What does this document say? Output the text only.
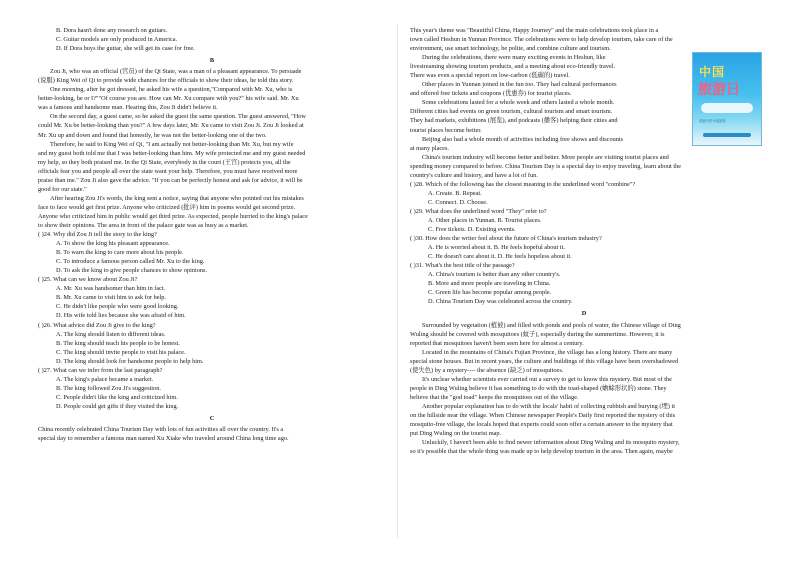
B. Dora hasn't done any research on guitars.
C. Guitar models are only produced in America.
D. If Dora buys the guitar, she will get its case for free.
B
Zou Ji, who was an official (官员) of the Qi State, was a man of a pleasant appearance. To persuade
(说服) King Wei of Qi to provide wide chances for the officials to show their ideas, he told this story.
One morning, after he got dressed, he asked his wife a question,"Compared with Mr. Xu, who is
better-looking, he or I?""Of course you are. How can Mr. Xu compare with you?" his wife said. Mr. Xu
was a famous and handsome man. Hearing this, Zou Ji didn't believe it.
On the second day, a guest came, so he asked the guest the same question. The guest answered, "How
could Mr. Xu be better-looking than you?" A few days later, Mr. Xu came to visit Zou Ji. Zou Ji looked at
Mr. Xu up and down and found that honestly, he was not the better-looking one of the two.
Therefore, he said to King Wei of Qi, "I am actually not better-looking than Mr. Xu, but my wife
and my guest both told me that I was better-looking than him. My wife protected me and my guest needed
my help, so they both praised me. In the Qi State, everybody in the court (王宫) protects you, all the
officials fear you and people all over the state want your help. Therefore, you must have received more
praise than me." Zou Ji also gave the advice. "If you can be perfectly honest and ask for advice, it will be
good for our state."
After hearing Zou Ji's words, the king sent a notice, saying that anyone who pointed out his mistakes
face to face would get first prize. Anyone who criticized (批评) him in poems would get second prize.
Anyone who criticized him in public would get third prize. As expected, people hurried to the king's palace
to show their opinions. The area in front of the palace gate was as busy as a market.
( )24. Why did Zou Ji tell the story to the king?
A. To show the king his pleasant appearance.
B. To warn the king to care more about his people.
C. To introduce a famous person called Mr. Xu to the king.
D. To ask the king to give people chances to show opinions.
( )25. What can we know about Zou Ji?
A. Mr. Xu was handsomer than him in fact.
B. Mr. Xu came to visit him to ask for help.
C. He didn't like people who were good looking.
D. His wife told lies because she was afraid of him.
( )26. What advice did Zou Ji give to the king?
A. The king should listen to different ideas.
B. The king should teach his people to be honest.
C. The king should invite people to visit his palace.
D. The king should look for handsome people to help him.
( )27. What can we infer from the last paragraph?
A. The king's palace became a market.
B. The king followed Zou Ji's suggestion.
C. People didn't like the king and criticized him.
D. People could get gifts if they visited the king.
C
China recently celebrated China Tourism Day with lots of fun activities all over the country. It's a
special day to remember a famous man named Xu Xiake who traveled around China long time ago.
This year's theme was "Beautiful China, Happy Journey" and the main celebrations took place in a
town called Heshun in Yunnan Province. The celebrations were to help develop tourism, take care of the
environment, use smart technology, be polite, and combine culture and tourism.
During the celebrations, there were many exciting events in Heshun, like
livestreaming showing tourism products, and a meeting about eco-friendly travel.
There was even a special report on low-carbon (低碳的) travel.
Other places in Yunnan joined in the fun too. They had cultural performances
and offered free tickets and coupons (优惠券) for tourist places.
Some celebrations lasted for a whole week and others lasted a whole month.
Different cities had events on green tourism, cultural tourism and smart tourism.
They had markets, exhibitions (展览), and podcasts (播客) helping their cities and
tourist places become better.
Beijing also had a whole month of activities including free shows and discounts
at many places.
China's tourism industry will become better and better. More people are visiting tourist places and
spending money compared to before. China Tourism Day is a special day to enjoy traveling, learn about the
country's culture and history, and have a lot of fun.
( )28. Which of the following has the closest meaning to the underlined word "combine"?
A. Create. B. Repeat.
C. Connect. D. Choose.
( )29. What does the underlined word "They" refer to?
A. Other places in Yunnan. B. Tourist places.
C. Free tickets. D. Existing events.
( )30. How does the writer feel about the future of China's tourism industry?
A. He is worried about it. B. He feels hopeful about it.
C. He doesn't care about it. D. He feels hopeless about it.
( )31. What's the best title of the passage?
A. China's tourism is better than any other country's.
B. More and more people are traveling in China.
C. Green life has become popular among people.
D. China Tourism Day was celebrated across the country.
D
Surrounded by vegetation (植被) and filled with ponds and pools of water, the Chinese village of Ding
Wuling should be covered with mosquitoes (蚊子), especially during the summertime. However, it is
reported that mosquitoes haven't been seen here for almost a century.
Located in the mountains of China's Fujian Province, the village has a long history. There are many
special stone houses. But in recent years, the culture and buildings of this village have been overshadowed
(使失色) by a mystery---- the absence (缺乏) of mosquitoes.
It's unclear whether scientists ever carried out a survey to get to know this mystery. But most of the
people in Ding Wuling believe it has something to do with the toad-shaped (蟾蜍形状的) stone. They
believe that the "god toad" keeps the mosquitoes out of the village.
Another popular explanation has to do with the locals' habit of collecting rubbish and burying (埋) it
on the hillside near the village. When Chinese newspaper People's Daily first reported the mystery of this
mosquito-free village, the locals hoped that experts could soon offer a certain answer to the mystery that
put Ding Wuling on the tourist map.
Unluckily, I haven't been able to find newer information about Ding Wuling and its mosquito mystery,
so it's possible that the whole thing was made up to help develop tourism in the area. Then again, maybe
中国
旅游日
美丽中国 幸福旅程
